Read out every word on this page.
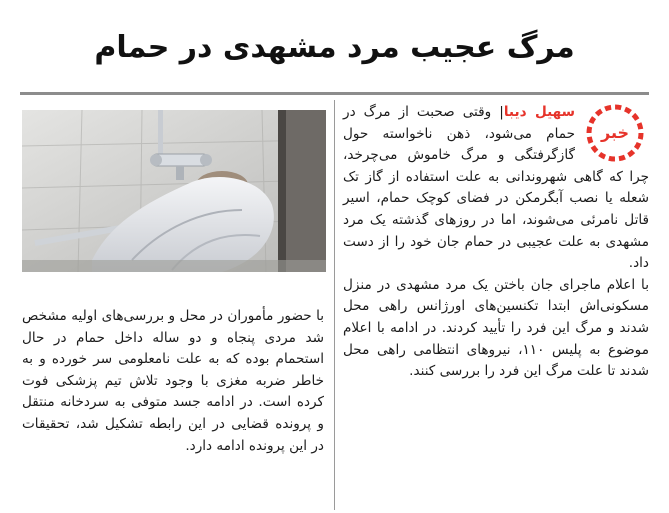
مرگ عجیب مرد مشهدی در حمام
خبر

سهیل دیبا| وقتی صحبت از مرگ در حمام می‌شود، ذهن ناخواسته حول گازگرفتگی و مرگ خاموش می‌چرخد، چرا که گاهی شهروندانی به علت استفاده از گاز تک شعله یا نصب آبگرمکن در فضای کوچک حمام، اسیر قاتل نامرئی می‌شوند، اما در روزهای گذشته یک مرد مشهدی به علت عجیبی در حمام جان خود را از دست داد.

با اعلام ماجرای جان باختن یک مرد مشهدی در منزل مسکونی‌اش ابتدا تکنسین‌های اورژانس راهی محل شدند و مرگ این فرد را تأیید کردند. در ادامه با اعلام موضوع به پلیس ۱۱۰، نیروهای انتظامی راهی محل شدند تا علت مرگ این فرد را بررسی کنند.

با حضور مأموران در محل و بررسی‌های اولیه مشخص شد مردی پنجاه و دو ساله داخل حمام در حال استحمام بوده که به علت نامعلومی سر خورده و به خاطر ضربه مغزی با وجود تلاش تیم پزشکی فوت کرده است. در ادامه جسد متوفی به سردخانه منتقل و پرونده قضایی در این رابطه تشکیل شد، تحقیقات در این پرونده ادامه دارد.
